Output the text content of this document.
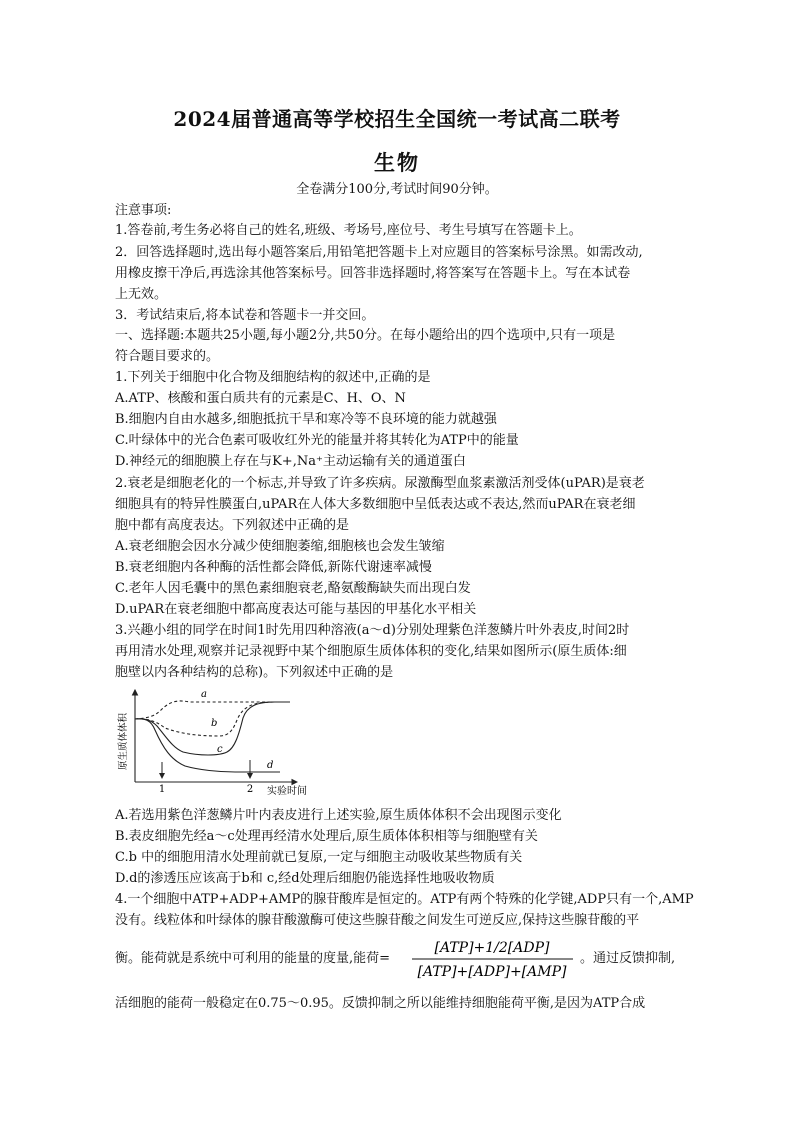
2024届普通高等学校招生全国统一考试高二联考
生物
全卷满分100分,考试时间90分钟。
注意事项:
1.答卷前,考生务必将自己的姓名,班级、考场号,座位号、考生号填写在答题卡上。
2．回答选择题时,选出每小题答案后,用铅笔把答题卡上对应题目的答案标号涂黑。如需改动,
用橡皮擦干净后,再选涂其他答案标号。回答非选择题时,将答案写在答题卡上。写在本试卷
上无效。
3．考试结束后,将本试卷和答题卡一并交回。
一、选择题:本题共25小题,每小题2分,共50分。在每小题给出的四个选项中,只有一项是
符合题目要求的。
1.下列关于细胞中化合物及细胞结构的叙述中,正确的是
A.ATP、核酸和蛋白质共有的元素是C、H、O、N
B.细胞内自由水越多,细胞抵抗干旱和寒冷等不良环境的能力就越强
C.叶绿体中的光合色素可吸收红外光的能量并将其转化为ATP中的能量
D.神经元的细胞膜上存在与K+,Na⁺主动运输有关的通道蛋白
2.衰老是细胞老化的一个标志,并导致了许多疾病。尿激酶型血浆素激活剂受体(uPAR)是衰老
细胞具有的特异性膜蛋白,uPAR在人体大多数细胞中呈低表达或不表达,然而uPAR在衰老细
胞中都有高度表达。下列叙述中正确的是
A.衰老细胞会因水分减少使细胞萎缩,细胞核也会发生皱缩
B.衰老细胞内各种酶的活性都会降低,新陈代谢速率减慢
C.老年人因毛囊中的黑色素细胞衰老,酪氨酸酶缺失而出现白发
D.uPAR在衰老细胞中都高度表达可能与基因的甲基化水平相关
3.兴趣小组的同学在时间1时先用四种溶液(a～d)分别处理紫色洋葱鳞片叶外表皮,时间2时
再用清水处理,观察并记录视野中某个细胞原生质体体积的变化,结果如图所示(原生质体:细
胞壁以内各种结构的总称)。下列叙述中正确的是
1	2 实验时间
原生质体体积
a
b
c
d
A.若选用紫色洋葱鳞片叶内表皮进行上述实验,原生质体体积不会出现图示变化
B.表皮细胞先经a～c处理再经清水处理后,原生质体体积相等与细胞壁有关
C.b 中的细胞用清水处理前就已复原,一定与细胞主动吸收某些物质有关
D.d的渗透压应该高于b和 c,经d处理后细胞仍能选择性地吸收物质
4.一个细胞中ATP+ADP+AMP的腺苷酸库是恒定的。ATP有两个特殊的化学键,ADP只有一个,AMP
没有。线粒体和叶绿体的腺苷酸激酶可使这些腺苷酸之间发生可逆反应,保持这些腺苷酸的平
衡。能荷就是系统中可利用的能量的度量,能荷=
[ATP]+1/2[ADP]
[ATP]+[ADP]+[AMP]
。通过反馈抑制,
活细胞的能荷一般稳定在0.75～0.95。反馈抑制之所以能维持细胞能荷平衡,是因为ATP合成
